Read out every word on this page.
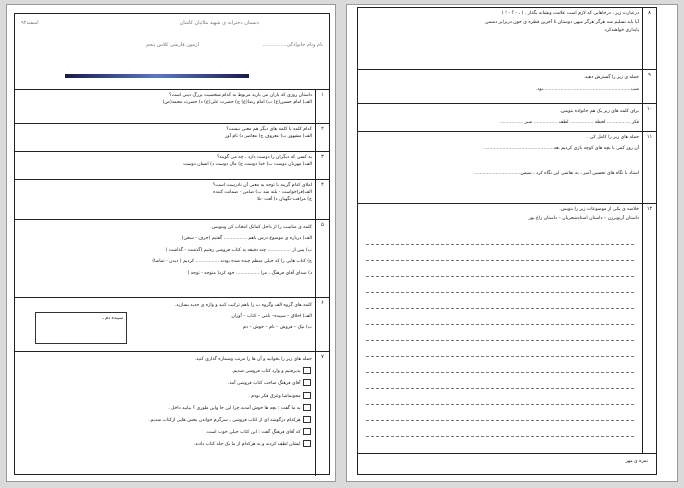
دبستان دخترانه ی شهید ملائیان کاشان
اسفند۹۲
نام ونام خانوادگی...............
آزمون فارسی کلاس پنجم
۱
داستان روزی که باران می بارید مربوط به کدام شخصیت بزرگ دینی است؟
الف) امام حسین(ع) ب) امام رضا(ع) ج) حضرت علی(ع) د) حضرت محمد(ص)
۲
کدام کلمه با کلمه های دیگر هم معنی نیست؟
الف) مشهور ب) معروف ج) معاصر د) نام آور
۳
به کسی که دیگران را دوست دارد ، چه می گویند؟
الف) مهربان دوست ب) خدا دوست ج) مال دوست د) انسان دوست
۴
املای کدام گزینه با توجه به معنی آن نادرست است؟
الف)فراخواست - بلند شد ب) ضامن - ضمانت کننده
ج) مراقب-نگهبان د) آفت -بلا
۵
کلمه ی مناسب را از داخل کمانک انتخاب کن وبنویس.
الف) درباره ی موضوع درس باهم ................ گفتیم (حرف - سخن)
ب) پس از ................ چند دقیقه به کتاب فروشی رفتیم (گذشت - گذاشت )
ج) کتاب هایی را که خیلی منظم چیده شده بودند ................ کردیم ( دیدن - تماشا)
د) صدای آقای فرهنگ ، مرا ................ خود کرد( متوجه - توجه )
۶
کلمه های گروه الف وگروه ب را باهم ترکیب کنید و واژه ی جدید بسازید.
الف) اخلاق – سپیده– نامی – کتاب – آوران
ب) نیک – فروش – نام – خوش – دم
سپیده دم ـ
۷
جمله های زیر را بخوانید و آن ها را مرتب وشماره گذاری کنید.
پذیرفتیم و وارد کتاب فروشی شدیم.
آقای فرهنگ صاحب کتاب فروشی آمد.
محوتماشا وغرق فکر بودم .
به ما گفت : بچه ها خوش آمدید.چرا این جا واین طوری ؟ بیایید داخل .
هرکدام درگوشه ای از کتاب فروشی ، سرگرم خواندن بخش هایی ازکتاب شدیم.
که آقای فرهنگ گفت : این کتاب خیلی خوب است.
ایشان لطف کردند و به هرکدام از ما یک جلد کتاب دادند.
۸
درعبارت زیر ، درجاهایی که لازم است علامت ونشانه بگذار . ( ، - ؟ - ! )
آیا باید تسلیم شد هرگز هرگز میهن دوستان تا آخرین قطره ی خون دربرابر دشمن
پایداری خواهندکرد
۹
جمله ی زیر را گسترش دهید.
شب............................................................بود.
۱۰
برای کلمه های زیر یک هم خانواده بنویس.
فکر ................ لحظه ................ لطف ................ صبر ................
۱۱
جمله های زیر را کامل کن .
آن روز کمی با بچه های کوچه بازی کردیم بعد................................................
استاد با نگاه های تحسین آمیز ، به نقاشی این نگاه کرد ، سپس................................
۱۲
خلاصه ی یکی از موضوعات زیر را بنویس.
داستان آریوبرزن – داستان استادشجریان – داستان زاغ بور
نمره ی مهر
